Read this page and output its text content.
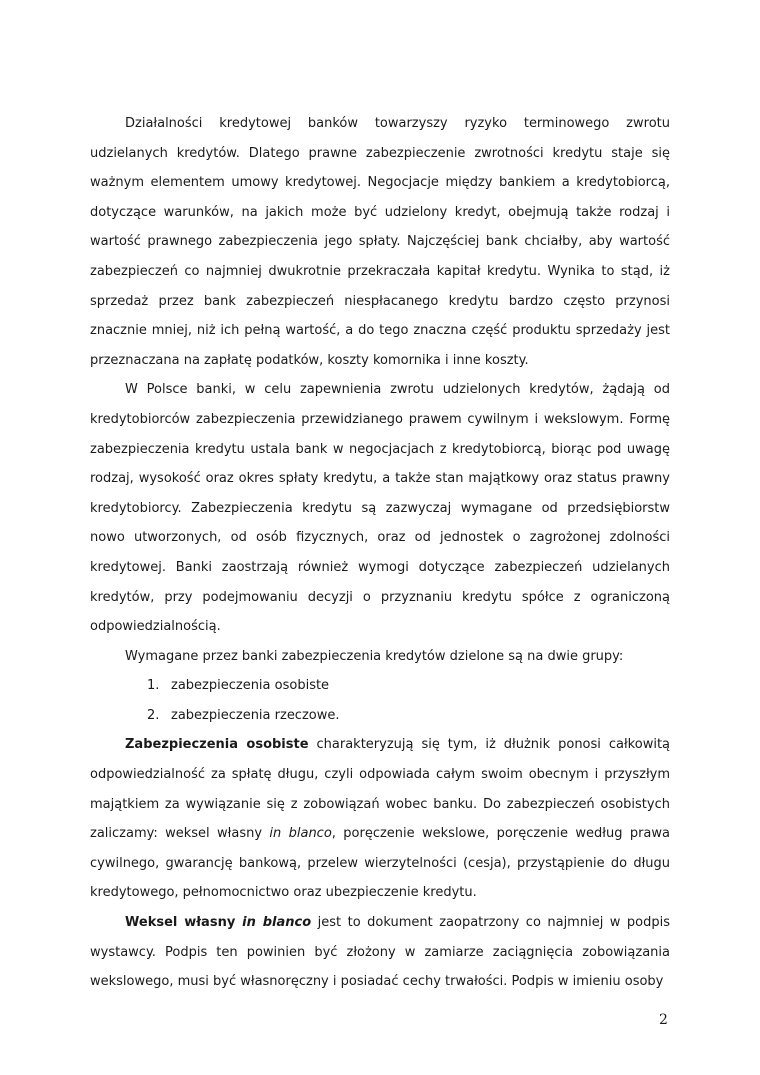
Działalności kredytowej banków towarzyszy ryzyko terminowego zwrotu udzielanych kredytów. Dlatego prawne zabezpieczenie zwrotności kredytu staje się ważnym elementem umowy kredytowej. Negocjacje między bankiem a kredytobiorcą, dotyczące warunków, na jakich może być udzielony kredyt, obejmują także rodzaj i wartość prawnego zabezpieczenia jego spłaty. Najczęściej bank chciałby, aby wartość zabezpieczeń co najmniej dwukrotnie przekraczała kapitał kredytu. Wynika to stąd, iż sprzedaż przez bank zabezpieczeń niespłacanego kredytu bardzo często przynosi znacznie mniej, niż ich pełną wartość, a do tego znaczna część produktu sprzedaży jest przeznaczana na zapłatę podatków, koszty komornika i inne koszty.

W Polsce banki, w celu zapewnienia zwrotu udzielonych kredytów, żądają od kredytobiorców zabezpieczenia przewidzianego prawem cywilnym i wekslowym. Formę zabezpieczenia kredytu ustala bank w negocjacjach z kredytobiorcą, biorąc pod uwagę rodzaj, wysokość oraz okres spłaty kredytu, a także stan majątkowy oraz status prawny kredytobiorcy. Zabezpieczenia kredytu są zazwyczaj wymagane od przedsiębiorstw nowo utworzonych, od osób fizycznych, oraz od jednostek o zagrożonej zdolności kredytowej. Banki zaostrzają również wymogi dotyczące zabezpieczeń udzielanych kredytów, przy podejmowaniu decyzji o przyznaniu kredytu spółce z ograniczoną odpowiedzialnością.

Wymagane przez banki zabezpieczenia kredytów dzielone są na dwie grupy:

1. zabezpieczenia osobiste
2. zabezpieczenia rzeczowe.

Zabezpieczenia osobiste charakteryzują się tym, iż dłużnik ponosi całkowitą odpowiedzialność za spłatę długu, czyli odpowiada całym swoim obecnym i przyszłym majątkiem za wywiązanie się z zobowiązań wobec banku. Do zabezpieczeń osobistych zaliczamy: weksel własny in blanco, poręczenie wekslowe, poręczenie według prawa cywilnego, gwarancję bankową, przelew wierzytelności (cesja), przystąpienie do długu kredytowego, pełnomocnictwo oraz ubezpieczenie kredytu.

Weksel własny in blanco jest to dokument zaopatrzony co najmniej w podpis wystawcy. Podpis ten powinien być złożony w zamiarze zaciągnięcia zobowiązania wekslowego, musi być własnoręczny i posiadać cechy trwałości. Podpis w imieniu osoby

2
